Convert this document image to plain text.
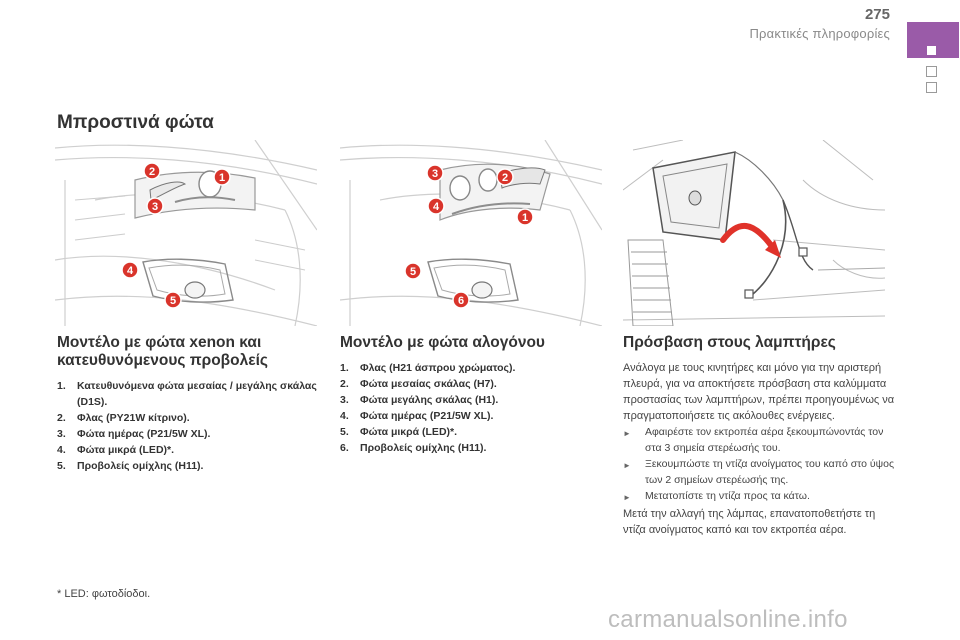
275
Πρακτικές πληροφορίες
Μπροστινά φώτα
1
2
3
4
5
1
2
3
4
5
6
Μοντέλο με φώτα xenon και κατευθυνόμενους προβολείς
1.	Κατευθυνόμενα φώτα μεσαίας / μεγάλης σκάλας (D1S).
2.	Φλας (PY21W κίτρινο).
3.	Φώτα ημέρας (P21/5W XL).
4.	Φώτα μικρά (LED)*.
5.	Προβολείς ομίχλης (H11).
Μοντέλο με φώτα αλογόνου
1.	Φλας (H21 άσπρου χρώματος).
2.	Φώτα μεσαίας σκάλας (H7).
3.	Φώτα μεγάλης σκάλας (H1).
4.	Φώτα ημέρας (P21/5W XL).
5.	Φώτα μικρά (LED)*.
6.	Προβολείς ομίχλης (H11).
Πρόσβαση στους λαμπτήρες

Ανάλογα με τους κινητήρες και μόνο για την αριστερή πλευρά, για να αποκτήσετε πρόσβαση στα καλύμματα προστασίας των λαμπτήρων, πρέπει προηγουμένως να πραγματοποιήσετε τις ακόλουθες ενέργειες.

►	Αφαιρέστε τον εκτροπέα αέρα ξεκουμπώνοντάς τον στα 3 σημεία στερέωσής του.
►	Ξεκουμπώστε τη ντίζα ανοίγματος του καπό στο ύψος των 2 σημείων στερέωσής της.
►	Μετατοπίστε τη ντίζα προς τα κάτω.

Μετά την αλλαγή της λάμπας, επανατοποθετήστε τη ντίζα ανοίγματος καπό και τον εκτροπέα αέρα.

* LED: φωτοδίοδοι.
carmanualsonline.info
